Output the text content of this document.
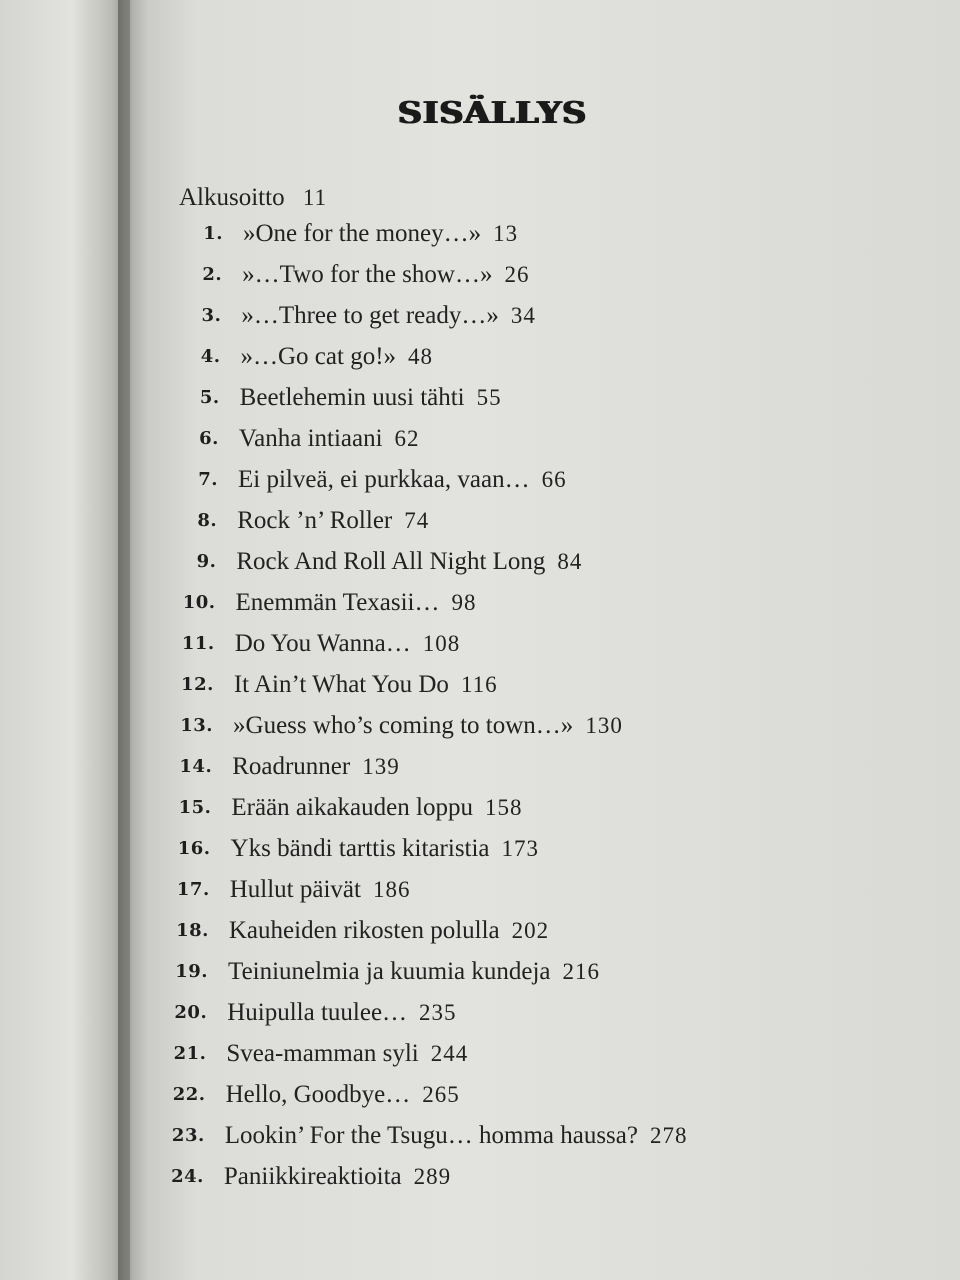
SISÄLLYS
Alkusoitto 11
1. »One for the money…» 13
2. »…Two for the show…» 26
3. »…Three to get ready…» 34
4. »…Go cat go!» 48
5. Beetlehemin uusi tähti 55
6. Vanha intiaani 62
7. Ei pilveä, ei purkkaa, vaan… 66
8. Rock ’n’ Roller 74
9. Rock And Roll All Night Long 84
10. Enemmän Texasii… 98
11. Do You Wanna… 108
12. It Ain’t What You Do 116
13. »Guess who’s coming to town…» 130
14. Roadrunner 139
15. Erään aikakauden loppu 158
16. Yks bändi tarttis kitaristia 173
17. Hullut päivät 186
18. Kauheiden rikosten polulla 202
19. Teiniunelmia ja kuumia kundeja 216
20. Huipulla tuulee… 235
21. Svea-mamman syli 244
22. Hello, Goodbye… 265
23. Lookin’ For the Tsugu… homma haussa? 278
24. Paniikkireaktioita 289
